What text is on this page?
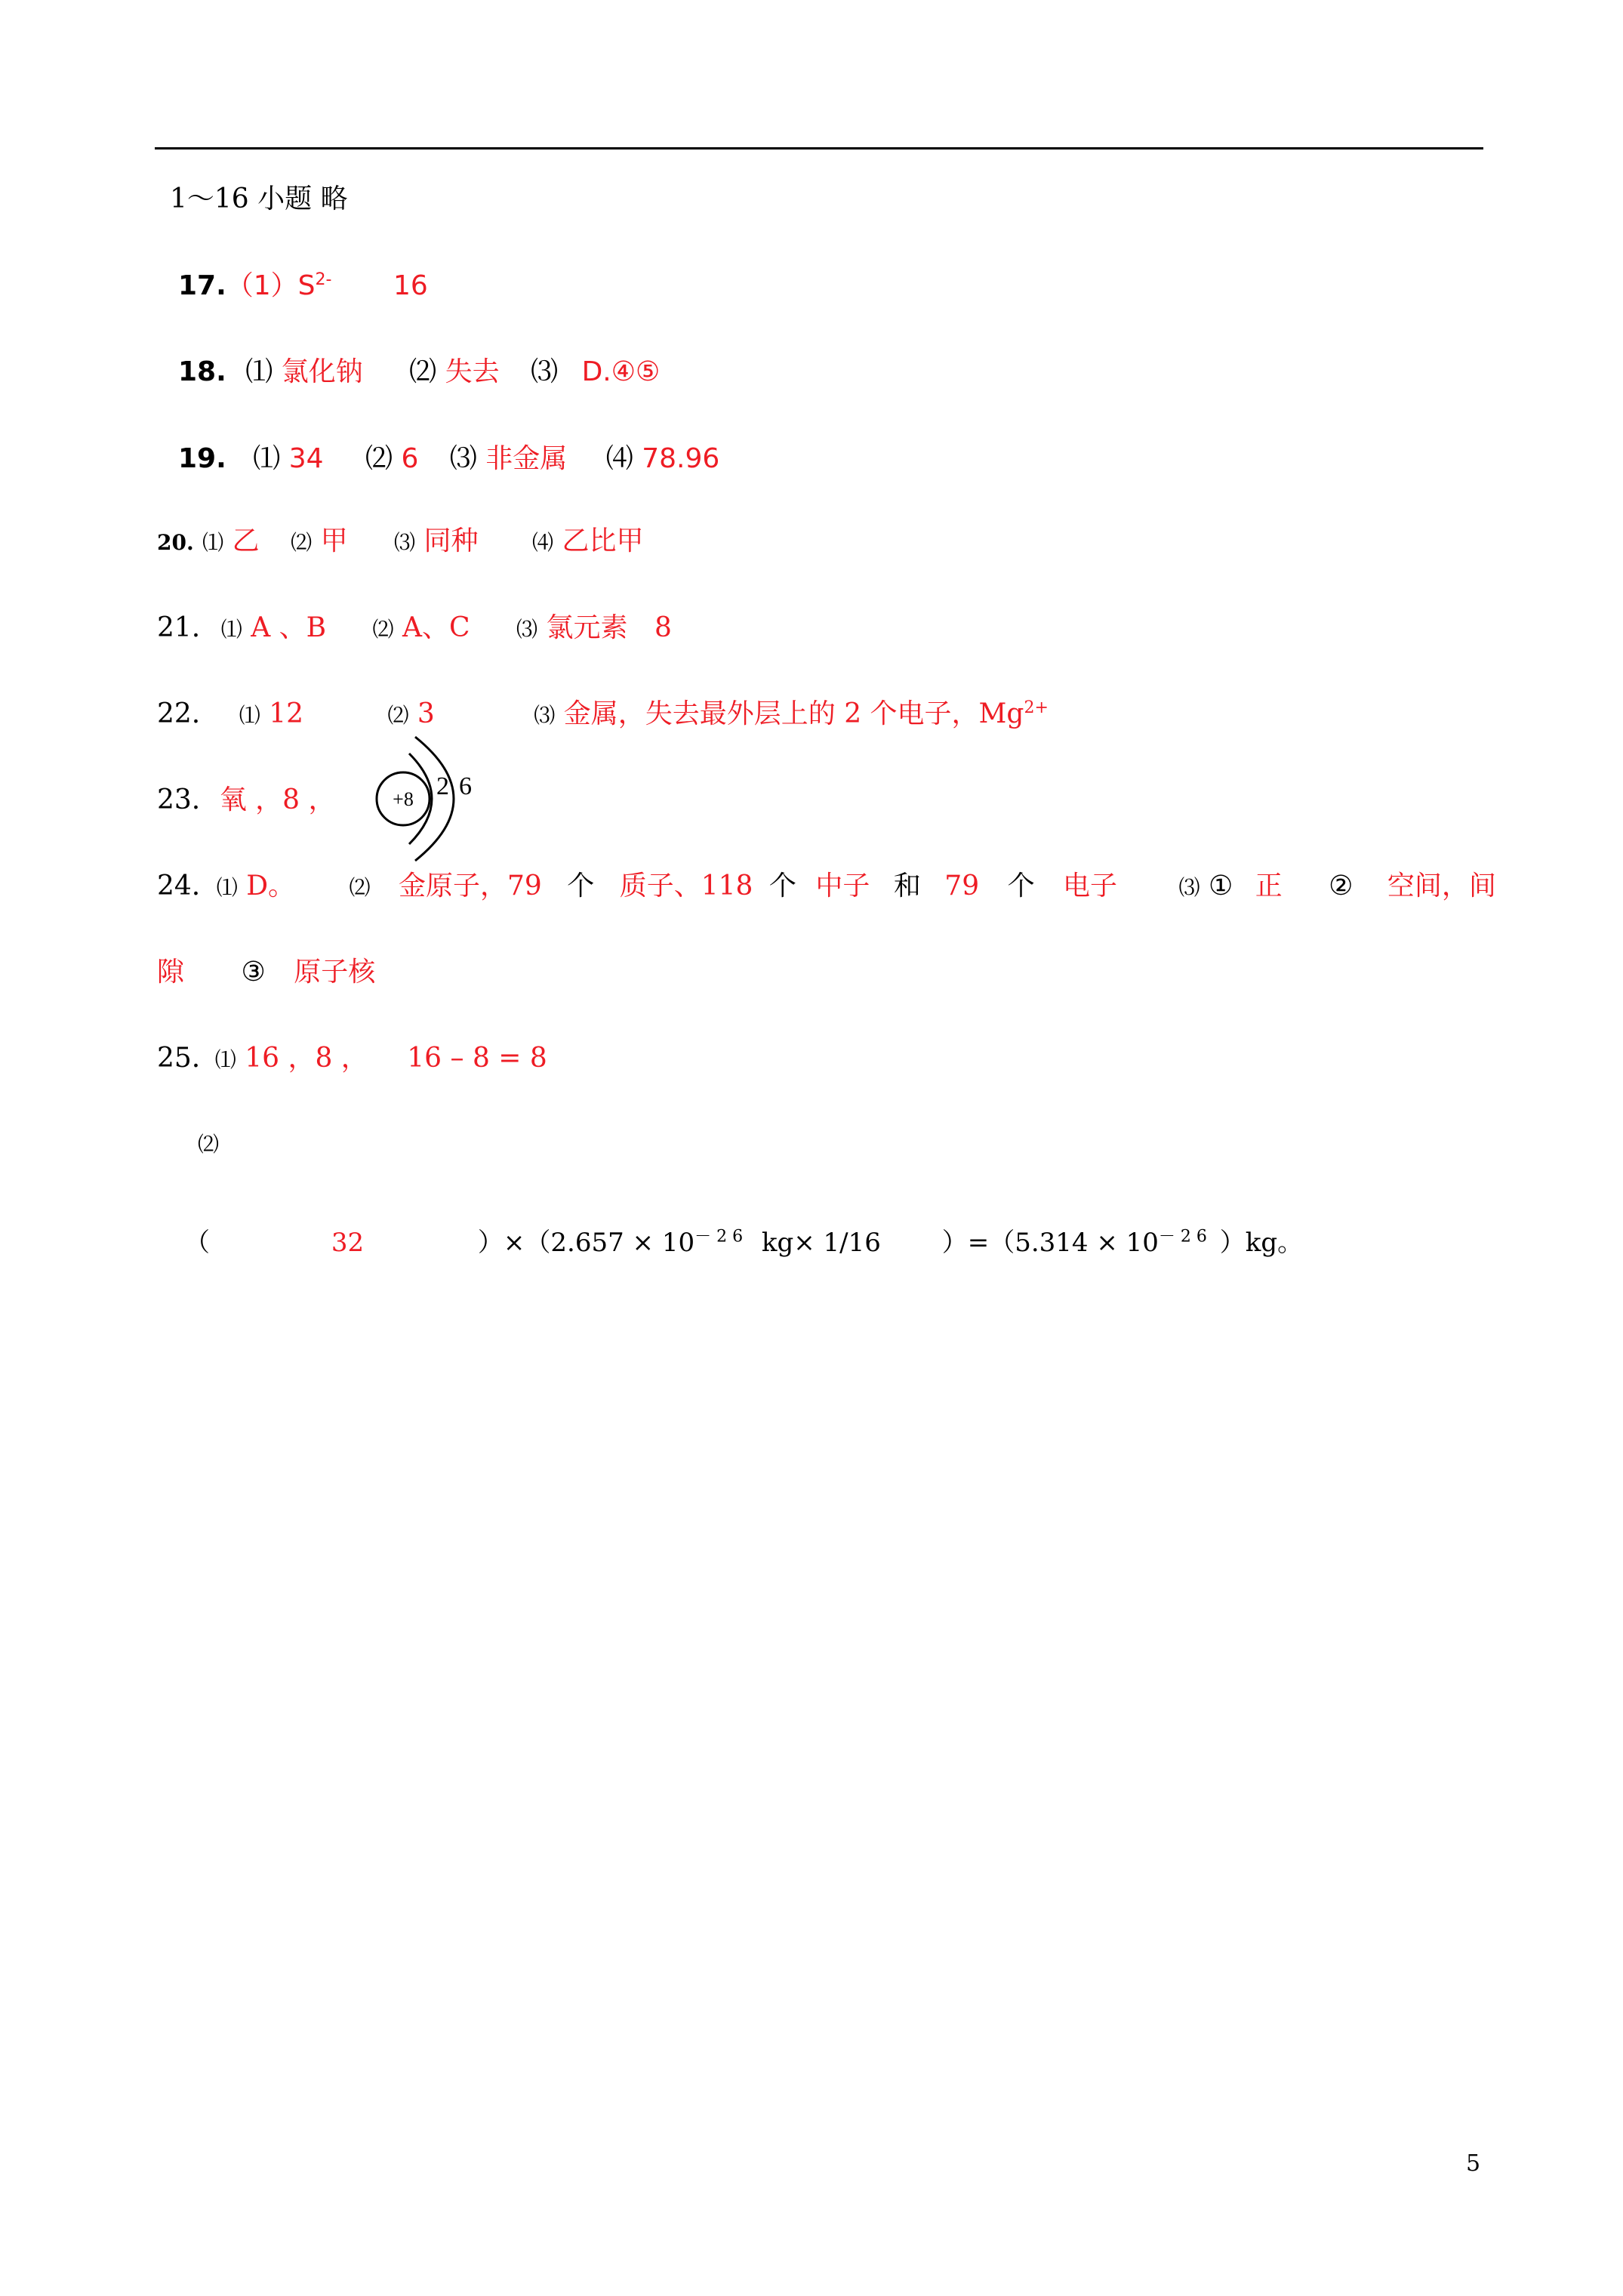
1～16 小题 略
$17.(1)S^{2-}$ 16
18. ⑴ 氯化钠 ⑵ 失去 ⑶ D.④⑤
19. ⑴ 34 ⑵ 6 ⑶ 非金属 ⑷ 78.96
20. ⑴ 乙 ⑵ 甲 ⑶ 同种	⑷ 乙比甲
21. ⑴ A 、B ⑵ A、C ⑶ 氯元素 8
22. ⑴ 12	⑵ 3	⑶ 金属，失去最外层上的 2 个电子，$Mg^{2+}$
23. 氧 ，8 ，	+8 2 6
24. ⑴ D。	⑵ 金原子，79 个 质子、118 个 中子 和 79 个 电子	⑶ ① 正 ② 空间，间
隙 ③ 原子核
25. ⑴ 16 ，8 ， 16 – 8 = 8
⑵
（	32	）$\times(2.657 \times 10^{- 2 6}$ kg× 1/16 ）$=(5.314 \times 10^{- 2 6}$ ）kg。
5
